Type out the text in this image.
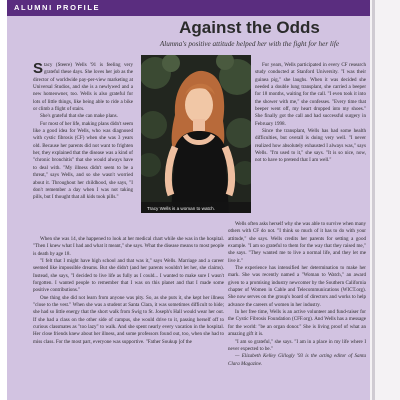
ALUMNI PROFILE
Against the Odds
Alumna's positive attitude helped her with the fight for her life

Stacy (Steere) Wells '91 is feeling very grateful these days. She loves her job as the director of worldwide pay-per-view marketing at Universal Studios, and she is a newlywed and a new homeowner, too. Wells is also grateful for lots of little things, like being able to ride a bike or climb a flight of stairs.

She's grateful that she can make plans.

For most of her life, making plans didn't seem like a good idea for Wells, who was diagnosed with cystic fibrosis (CF) when she was 3 years old. Because her parents did not want to frighten her, they explained that the disease was a kind of "chronic bronchitis" that she would always have to deal with. "My illness didn't seem to be a threat," says Wells, and so she wasn't worried about it. Throughout her childhood, she says, "I don't remember a day when I was not taking pills, but I thought that all kids took pills."

Tracy Wells is a woman to watch.

When she was 14, she happened to look at her medical chart while she was in the hospital. "Then I knew what I had and what it meant," she says. What the disease means to most people is death by age 18.

"I felt that I might have high school and that was it," says Wells. Marriage and a career seemed like impossible dreams. But she didn't (and her parents wouldn't let her, she claims). Instead, she says, "I decided to live life as fully as I could... I wanted to make sure I wasn't forgotten. I wanted people to remember that I was on this planet and that I made some positive contributions."

One thing she did not learn from anyone was pity. So, as she puts it, she kept her illness "close to the vest." When she was a student at Santa Clara, it was sometimes difficult to hide; she had so little energy that the short walk from Swig to St. Joseph's Hall would wear her out. If she had a class on the other side of campus, she would drive to it, passing herself off to curious classmates as "too lazy" to walk. And she spent nearly every vacation in the hospital. Her close friends knew about her illness, and some professors found out, too, when she had to miss class. For the most part, everyone was supportive. "Father Soukup [of the

For years, Wells participated in every CF research study conducted at Stanford University. "I was their guinea pig," she laughs. When it was decided she needed a double lung transplant, she carried a beeper for 18 months, waiting for the call. "I even took it into the shower with me," she confesses. "Every time that beeper went off, my heart dropped into my shoes." She finally got the call and had successful surgery in February 1998.

Since the transplant, Wells has had some health difficulties, but overall is doing very well. "I never realized how absolutely exhausted I always was," says Wells. "I'm used to it," she says. "It is so nice, now, not to have to pretend that I am well."

Wells often asks herself why she was able to survive when many others with CF do not. "I think so much of it has to do with your attitude," she says. Wells credits her parents for setting a good example. "I am so grateful to them for the way that they raised me," she says. "They wanted me to live a normal life, and they let me live it."

The experience has intensified her determination to make her mark. She was recently named a "Woman to Watch," an award given to a promising industry newcomer by the Southern California chapter of Women in Cable and Telecommunications (WICT.org). She now serves on the group's board of directors and works to help advance the careers of women in her industry.

In her free time, Wells is an active volunteer and fund-raiser for the Cystic Fibrosis Foundation (CFF.org). And Wells has a message for the world: "be an organ donor." She is living proof of what an amazing gift it is.

"I am so grateful," she says. "I am in a place in my life where I never expected to be."

— Elizabeth Kelley Gillogly '93 is the acting editor of Santa Clara Magazine.
